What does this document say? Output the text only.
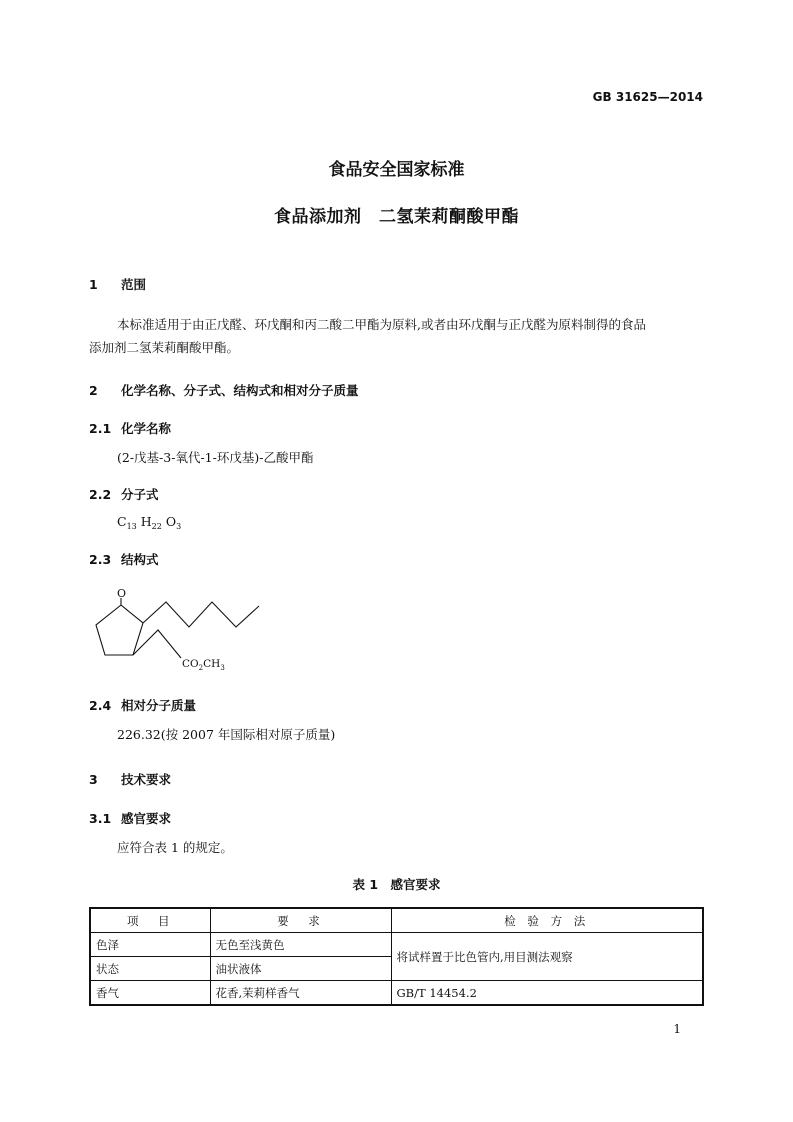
GB 31625—2014
食品安全国家标准
食品添加剂　二氢茉莉酮酸甲酯
1 范围
本标准适用于由正戊醛、环戊酮和丙二酸二甲酯为原料,或者由环戊酮与正戊醛为原料制得的食品
添加剂二氢茉莉酮酸甲酯。
2 化学名称、分子式、结构式和相对分子质量
2.1 化学名称
(2-戊基-3-氧代-1-环戊基)-乙酸甲酯
2.2 分子式
$C_{13}$ $H_{22}$ $O_3$
2.3 结构式
O
$CO_2CH_3$
2.4 相对分子质量
226.32(按 2007 年国际相对原子质量)
3 技术要求
3.1 感官要求
应符合表 1 的规定。
表 1　感官要求
项　目	要　求	检 验 方 法
色泽	无色至浅黄色	将试样置于比色管内,用目测法观察
状态	油状液体	
香气	花香,茉莉样香气	GB/T 14454.2
1
